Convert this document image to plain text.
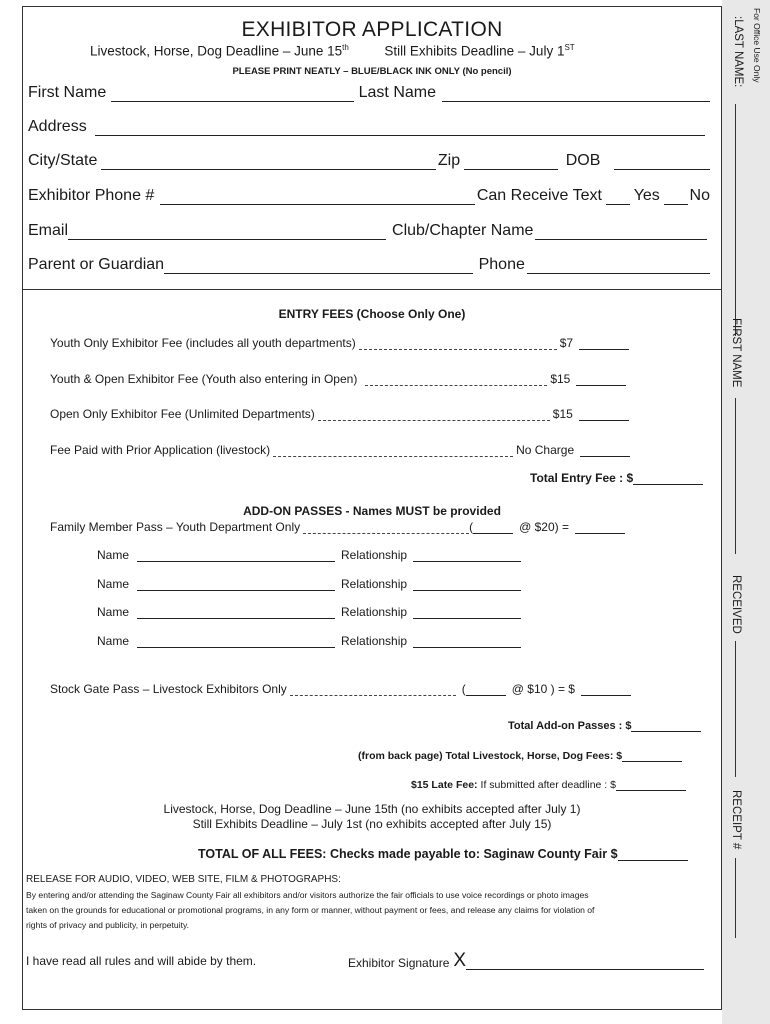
EXHIBITOR APPLICATION
Livestock, Horse, Dog Deadline – June 15th	Still Exhibits Deadline – July 1ST
PLEASE PRINT NEATLY – BLUE/BLACK INK ONLY (No pencil)
First Name	Last Name
Address
City/State	Zip	DOB
Exhibitor Phone #	Can Receive Text Yes No
Email	Club/Chapter Name
Parent or Guardian	Phone
ENTRY FEES (Choose Only One)
Youth Only Exhibitor Fee (includes all youth departments)	$7
Youth & Open Exhibitor Fee (Youth also entering in Open)	$15
Open Only Exhibitor Fee (Unlimited Departments)	$15
Fee Paid with Prior Application (livestock)	No Charge
Total Entry Fee : $
ADD-ON PASSES - Names MUST be provided
Family Member Pass – Youth Department Only	(	@ $20) =
Name	Relationship
Name	Relationship
Name	Relationship
Name	Relationship
Stock Gate Pass – Livestock Exhibitors Only	(	@ $10 ) = $
Total Add-on Passes : $
(from back page) Total Livestock, Horse, Dog Fees: $
$15 Late Fee: If submitted after deadline : $
Livestock, Horse, Dog Deadline – June 15th (no exhibits accepted after July 1)
Still Exhibits Deadline – July 1st (no exhibits accepted after July 15)
TOTAL OF ALL FEES: Checks made payable to: Saginaw County Fair $
RELEASE FOR AUDIO, VIDEO, WEB SITE, FILM & PHOTOGRAPHS:
By entering and/or attending the Saginaw County Fair all exhibitors and/or visitors authorize the fair officials to use voice recordings or photo images
taken on the grounds for educational or promotional programs, in any form or manner, without payment or fees, and release any claims for violation of
rights of privacy and publicity, in perpetuity.
I have read all rules and will abide by them.	Exhibitor Signature X
For Office Use Only
:LAST NAME:
FIRST NAME
RECEIVED
RECEIPT #
